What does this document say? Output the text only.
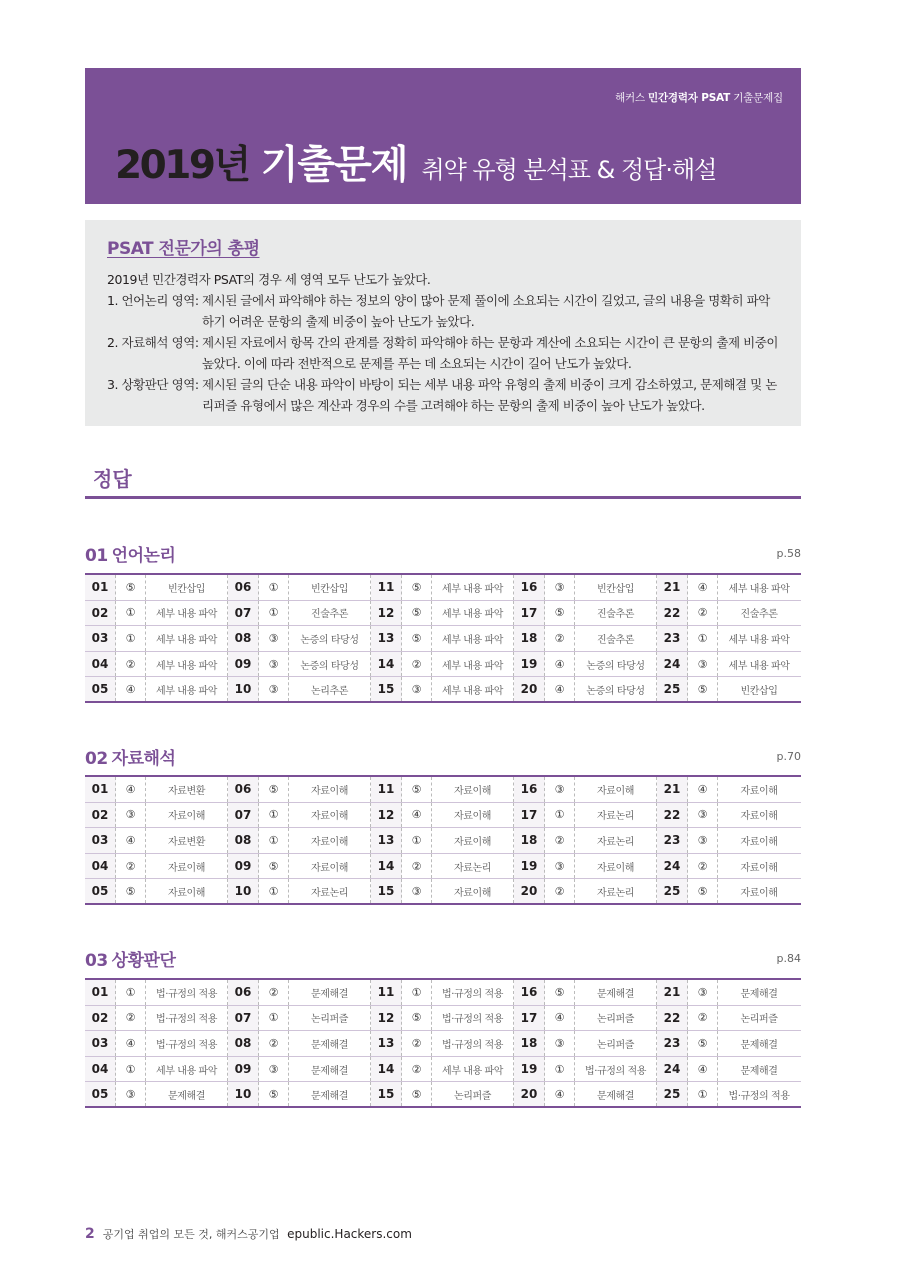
해커스 민간경력자 PSAT 기출문제집
2019년 기출문제 취약 유형 분석표 & 정답·해설
PSAT 전문가의 총평
2019년 민간경력자 PSAT의 경우 세 영역 모두 난도가 높았다.
1. 언어논리 영역: 제시된 글에서 파악해야 하는 정보의 양이 많아 문제 풀이에 소요되는 시간이 길었고, 글의 내용을 명확히 파악
하기 어려운 문항의 출제 비중이 높아 난도가 높았다.
2. 자료해석 영역: 제시된 자료에서 항목 간의 관계를 정확히 파악해야 하는 문항과 계산에 소요되는 시간이 큰 문항의 출제 비중이
높았다. 이에 따라 전반적으로 문제를 푸는 데 소요되는 시간이 길어 난도가 높았다.
3. 상황판단 영역: 제시된 글의 단순 내용 파악이 바탕이 되는 세부 내용 파악 유형의 출제 비중이 크게 감소하였고, 문제해결 및 논
리퍼즐 유형에서 많은 계산과 경우의 수를 고려해야 하는 문항의 출제 비중이 높아 난도가 높았다.
정답
01 언어논리	p.58
01	⑤	빈칸삽입	06	①	빈칸삽입	11	⑤	세부 내용 파악	16	③	빈칸삽입	21	④	세부 내용 파악
02	①	세부 내용 파악	07	①	진술추론	12	⑤	세부 내용 파악	17	⑤	진술추론	22	②	진술추론
03	①	세부 내용 파악	08	③	논증의 타당성	13	⑤	세부 내용 파악	18	②	진술추론	23	①	세부 내용 파악
04	②	세부 내용 파악	09	③	논증의 타당성	14	②	세부 내용 파악	19	④	논증의 타당성	24	③	세부 내용 파악
05	④	세부 내용 파악	10	③	논리추론	15	③	세부 내용 파악	20	④	논증의 타당성	25	⑤	빈칸삽입
02 자료해석	p.70
01	④	자료변환	06	⑤	자료이해	11	⑤	자료이해	16	③	자료이해	21	④	자료이해
02	③	자료이해	07	①	자료이해	12	④	자료이해	17	①	자료논리	22	③	자료이해
03	④	자료변환	08	①	자료이해	13	①	자료이해	18	②	자료논리	23	③	자료이해
04	②	자료이해	09	⑤	자료이해	14	②	자료논리	19	③	자료이해	24	②	자료이해
05	⑤	자료이해	10	①	자료논리	15	③	자료이해	20	②	자료논리	25	⑤	자료이해
03 상황판단	p.84
01	①	법·규정의 적용	06	②	문제해결	11	①	법·규정의 적용	16	⑤	문제해결	21	③	문제해결
02	②	법·규정의 적용	07	①	논리퍼즐	12	⑤	법·규정의 적용	17	④	논리퍼즐	22	②	논리퍼즐
03	④	법·규정의 적용	08	②	문제해결	13	②	법·규정의 적용	18	③	논리퍼즐	23	⑤	문제해결
04	①	세부 내용 파악	09	③	문제해결	14	②	세부 내용 파악	19	①	법·규정의 적용	24	④	문제해결
05	③	문제해결	10	⑤	문제해결	15	⑤	논리퍼즐	20	④	문제해결	25	①	법·규정의 적용
2 공기업 취업의 모든 것, 해커스공기업 epublic.Hackers.com
